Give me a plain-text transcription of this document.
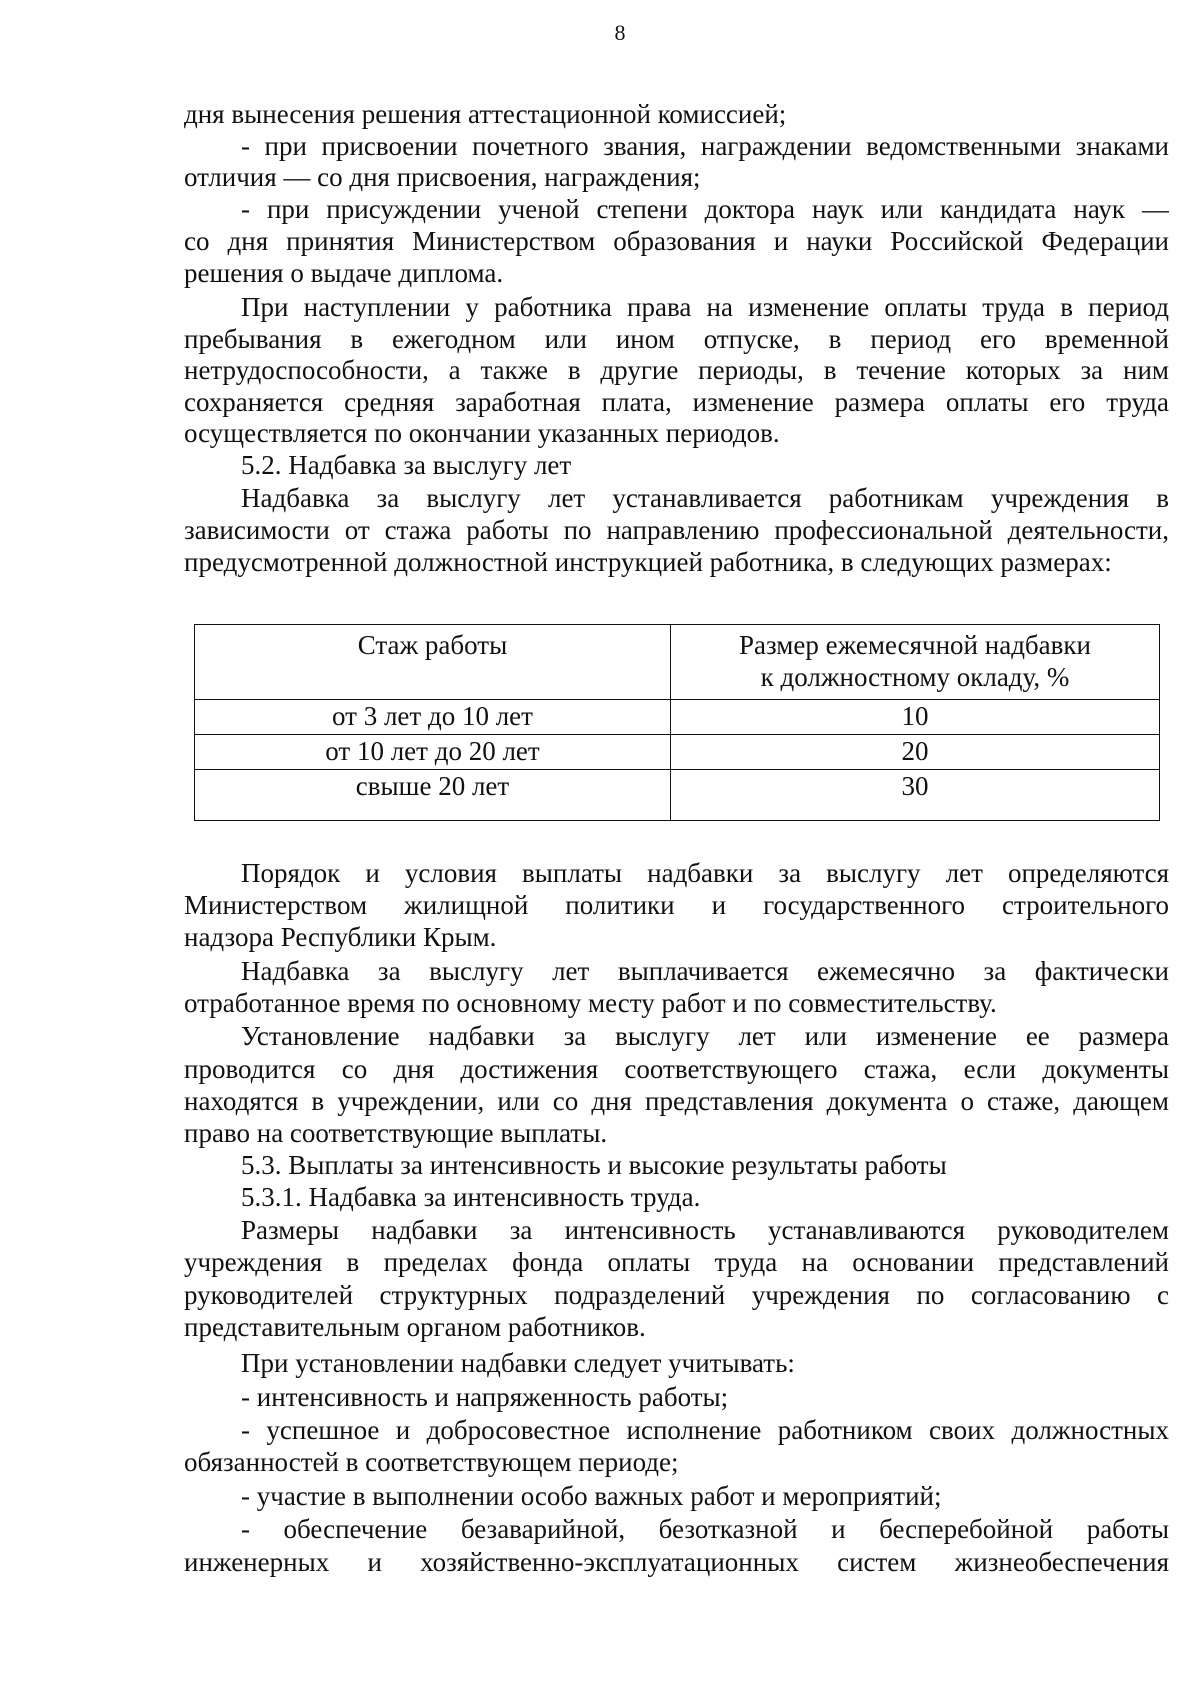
8
дня вынесения решения аттестационной комиссией;
- при присвоении почетного звания, награждении ведомственными знаками
отличия — со дня присвоения, награждения;
- при присуждении ученой степени доктора наук или кандидата наук —
со дня принятия Министерством образования и науки Российской Федерации
решения о выдаче диплома.
При наступлении у работника права на изменение оплаты труда в период
пребывания в ежегодном или ином отпуске, в период его временной
нетрудоспособности, а также в другие периоды, в течение которых за ним
сохраняется средняя заработная плата, изменение размера оплаты его труда
осуществляется по окончании указанных периодов.
5.2. Надбавка за выслугу лет
Надбавка за выслугу лет устанавливается работникам учреждения в
зависимости от стажа работы по направлению профессиональной деятельности,
предусмотренной должностной инструкцией работника, в следующих размерах:
Стаж работы	Размер ежемесячной надбавки
к должностному окладу, %

от 3 лет до 10 лет	10
от 10 лет до 20 лет	20
свыше 20 лет	30
Порядок и условия выплаты надбавки за выслугу лет определяются
Министерством жилищной политики и государственного строительного
надзора Республики Крым.
Надбавка за выслугу лет выплачивается ежемесячно за фактически
отработанное время по основному месту работ и по совместительству.
Установление надбавки за выслугу лет или изменение ее размера
проводится со дня достижения соответствующего стажа, если документы
находятся в учреждении, или со дня представления документа о стаже, дающем
право на соответствующие выплаты.
5.3. Выплаты за интенсивность и высокие результаты работы
5.3.1. Надбавка за интенсивность труда.
Размеры надбавки за интенсивность устанавливаются руководителем
учреждения в пределах фонда оплаты труда на основании представлений
руководителей структурных подразделений учреждения по согласованию с
представительным органом работников.
При установлении надбавки следует учитывать:
- интенсивность и напряженность работы;
- успешное и добросовестное исполнение работником своих должностных
обязанностей в соответствующем периоде;
- участие в выполнении особо важных работ и мероприятий;
- обеспечение безаварийной, безотказной и бесперебойной работы
инженерных и хозяйственно-эксплуатационных систем жизнеобеспечения
